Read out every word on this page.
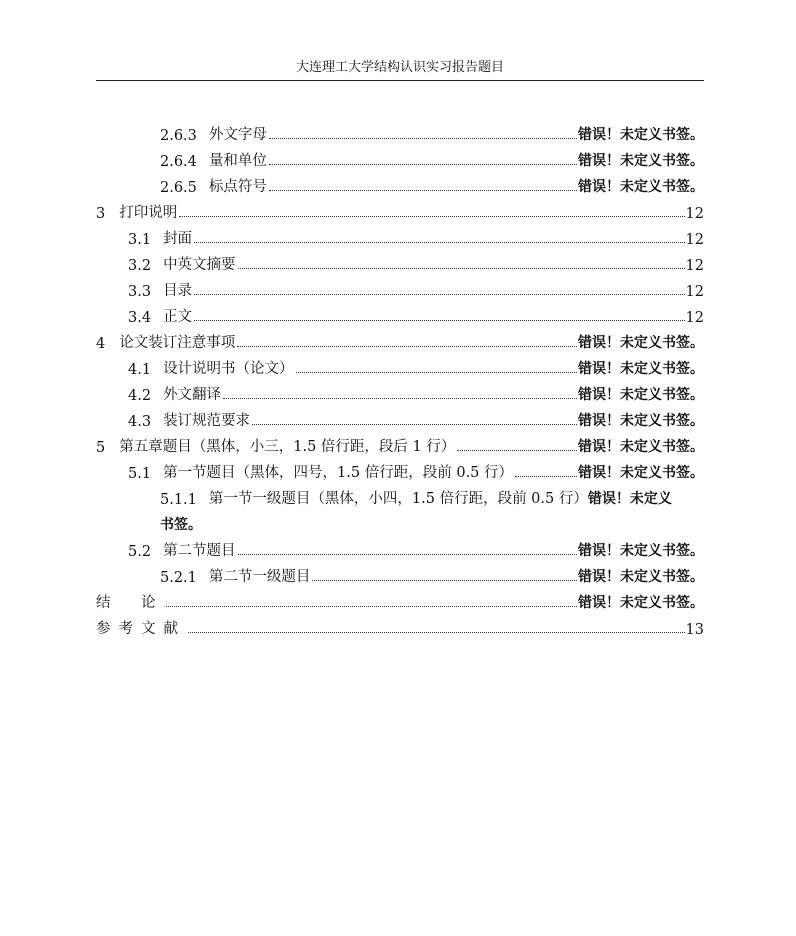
大连理工大学结构认识实习报告题目
2.6.3 外文字母	错误！未定义书签。
2.6.4 量和单位	错误！未定义书签。
2.6.5 标点符号	错误！未定义书签。
3 打印说明	12
3.1 封面	12
3.2 中英文摘要	12
3.3 目录	12
3.4 正文	12
4 论文装订注意事项	错误！未定义书签。
4.1 设计说明书（论文）	错误！未定义书签。
4.2 外文翻译	错误！未定义书签。
4.3 装订规范要求	错误！未定义书签。
5 第五章题目（黑体，小三，1.5 倍行距，段后 1 行）	错误！未定义书签。
5.1 第一节题目（黑体，四号，1.5 倍行距，段前 0.5 行）	错误！未定义书签。
5.1.1 第一节一级题目（黑体，小四，1.5 倍行距，段前 0.5 行） 错误！未定义
书签。
5.2 第二节题目	错误！未定义书签。
5.2.1 第二节一级题目	错误！未定义书签。
结　论	错误！未定义书签。
参考文献	13
